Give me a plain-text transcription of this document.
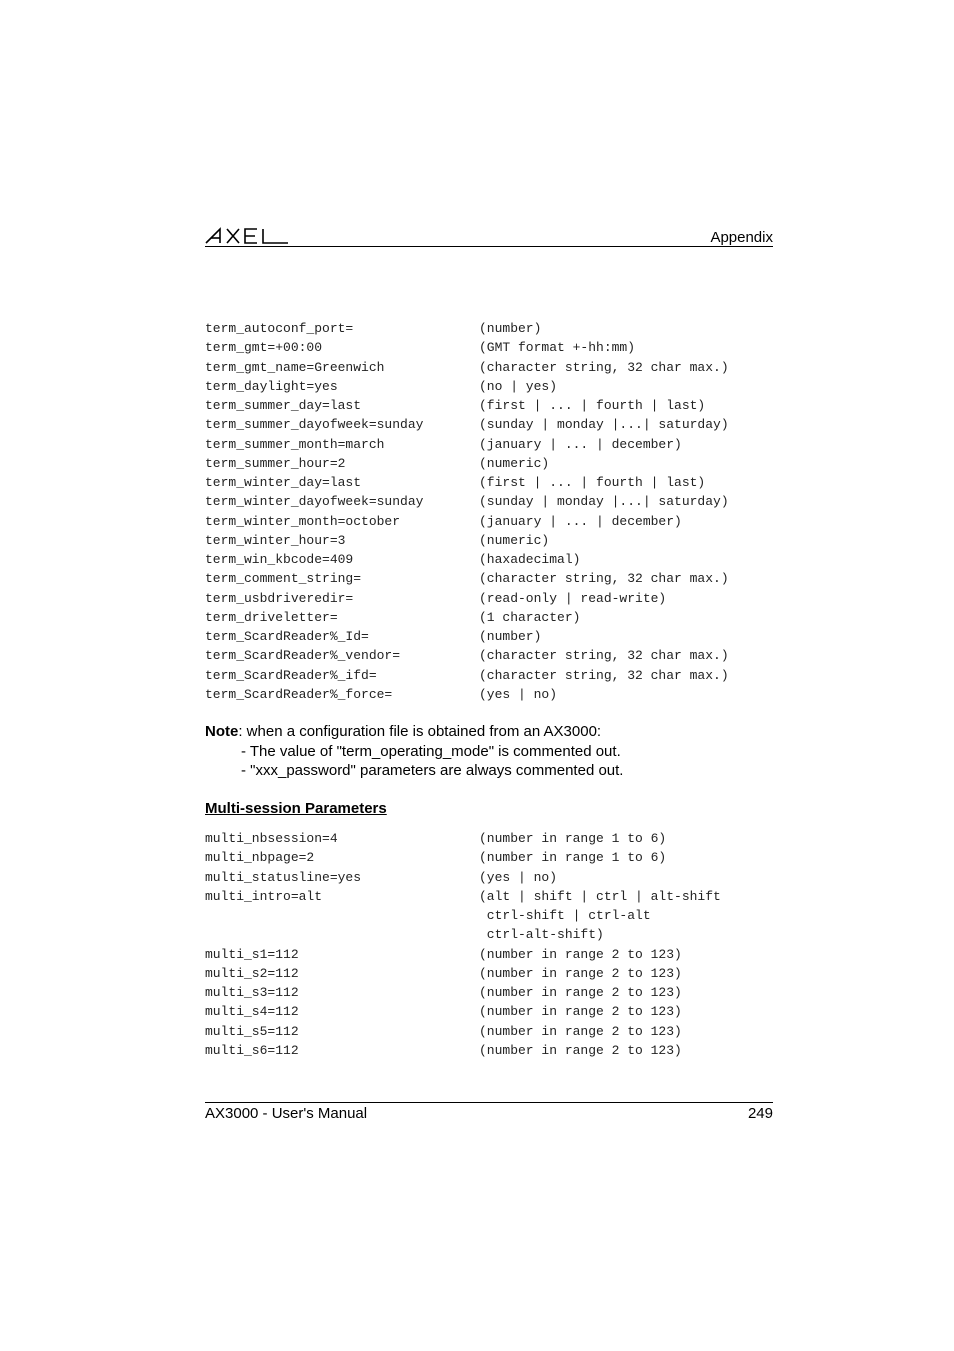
Appendix
term_autoconf_port=	(number)
term_gmt=+00:00	(GMT format +-hh:mm)
term_gmt_name=Greenwich	(character string, 32 char max.)
term_daylight=yes	(no | yes)
term_summer_day=last	(first | ... | fourth | last)
term_summer_dayofweek=sunday	(sunday | monday |...| saturday)
term_summer_month=march	(january | ... | december)
term_summer_hour=2	(numeric)
term_winter_day=last	(first | ... | fourth | last)
term_winter_dayofweek=sunday	(sunday | monday |...| saturday)
term_winter_month=october	(january | ... | december)
term_winter_hour=3	(numeric)
term_win_kbcode=409	(haxadecimal)
term_comment_string=	(character string, 32 char max.)
term_usbdriveredir=	(read-only | read-write)
term_driveletter=	(1 character)
term_ScardReader%_Id=	(number)
term_ScardReader%_vendor=	(character string, 32 char max.)
term_ScardReader%_ifd=	(character string, 32 char max.)
term_ScardReader%_force=	(yes | no)
Note: when a configuration file is obtained from an AX3000:
- The value of "term_operating_mode" is commented out.
- "xxx_password" parameters are always commented out.
Multi-session Parameters
multi_nbsession=4	(number in range 1 to 6)
multi_nbpage=2	(number in range 1 to 6)
multi_statusline=yes	(yes | no)
multi_intro=alt	(alt | shift | ctrl | alt-shift
ctrl-shift | ctrl-alt
ctrl-alt-shift)
multi_s1=112	(number in range 2 to 123)
multi_s2=112	(number in range 2 to 123)
multi_s3=112	(number in range 2 to 123)
multi_s4=112	(number in range 2 to 123)
multi_s5=112	(number in range 2 to 123)
multi_s6=112	(number in range 2 to 123)
AX3000 - User's Manual	249
